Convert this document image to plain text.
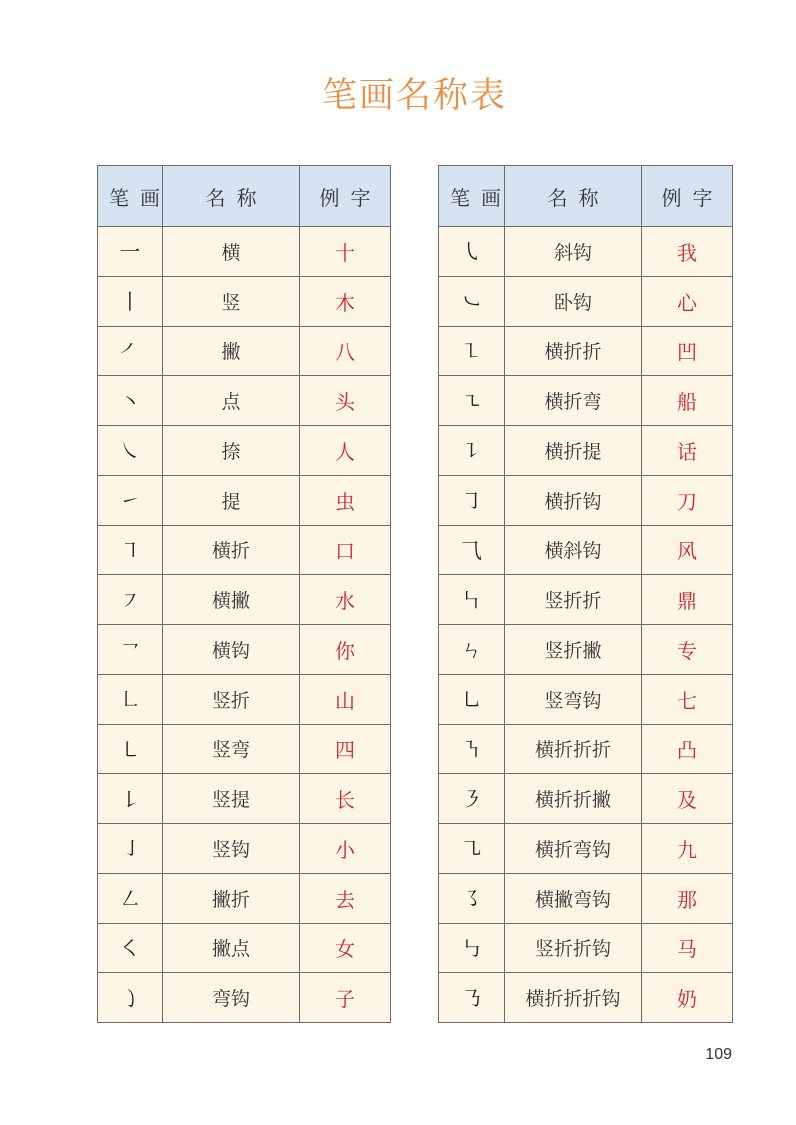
笔画名称表
笔画	名称	例字
一	横	十
丨	竖	木
㇒	撇	八
㇔	点	头
㇏	捺	人
㇀	提	虫
㇕	横折	口
㇇	横撇	水
㇖	横钩	你
㇗	竖折	山
㇄	竖弯	四
㇙	竖提	长
㇚	竖钩	小
㇜	撇折	去
㇛	撇点	女
㇁	弯钩	子
笔画	名称	例字
㇂	斜钩	我
㇃	卧钩	心
㇅	横折折	凹
㇍	横折弯	船
㇊	横折提	话
㇆	横折钩	刀
⺄	横斜钩	风
㇞	竖折折	鼎
ㄣ	竖折撇	专
㇟	竖弯钩	七
㇎	横折折折	凸
㇋	横折折撇	及
㇈	横折弯钩	九
㇌	横撇弯钩	那
㇉	竖折折钩	马
㇡	横折折折钩	奶
109
